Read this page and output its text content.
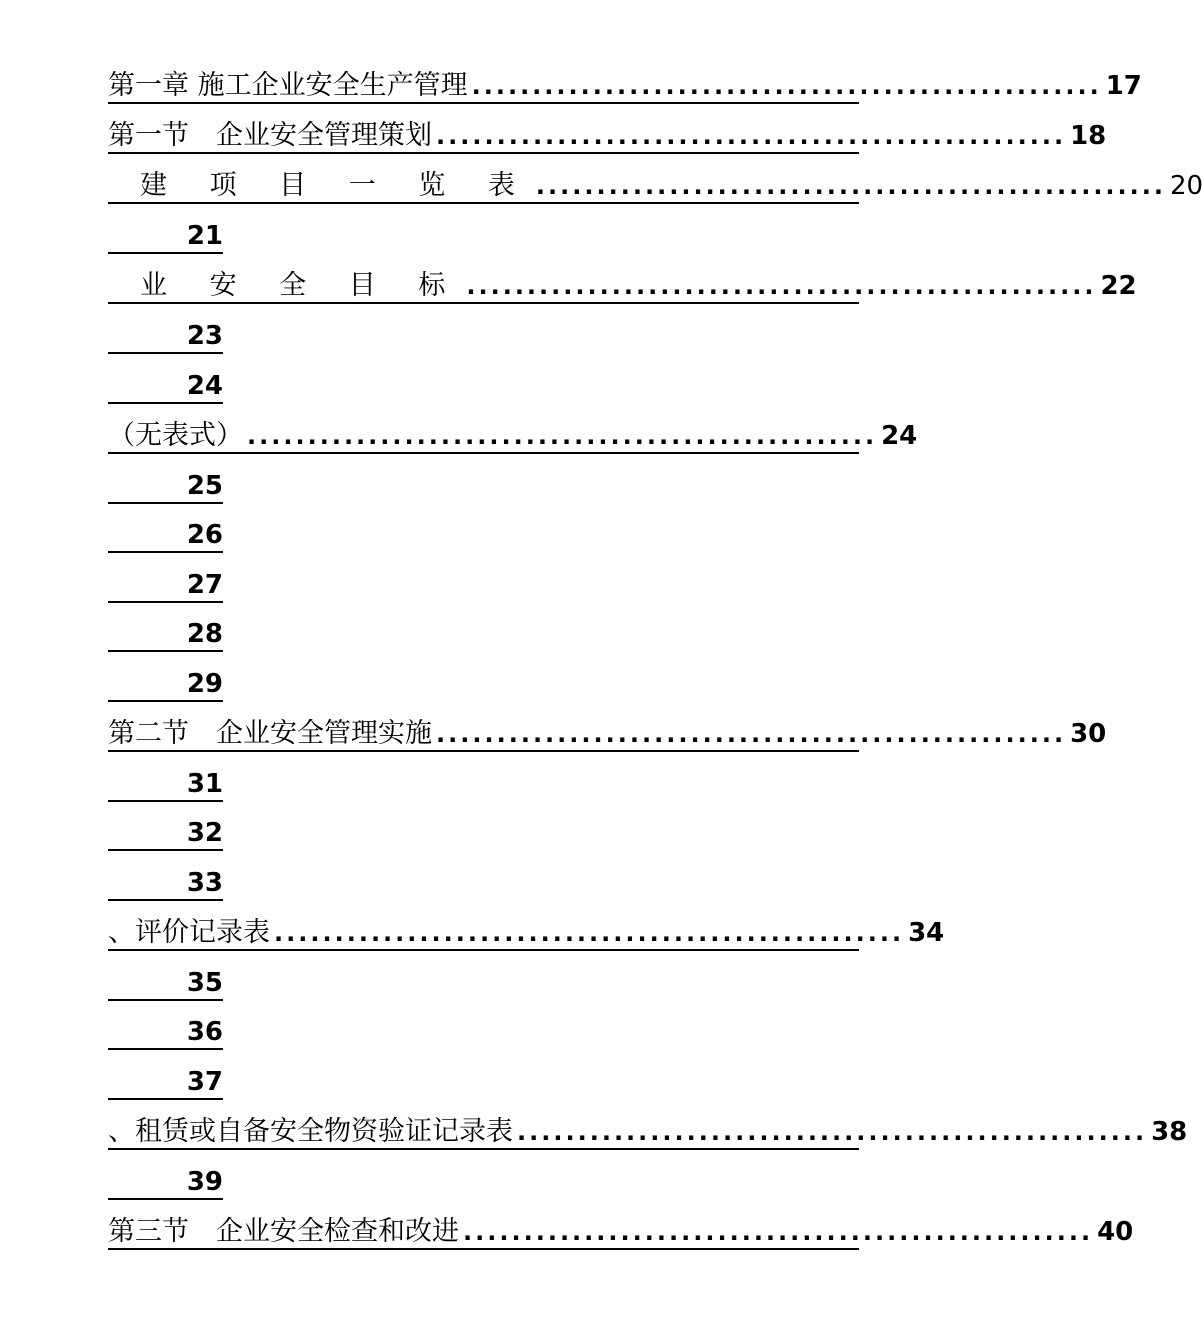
第一章 施工企业安全生产管理 .................................................... 17
第一节　企业安全管理策划 .................................................... 18
建 项 目 一 览 表 .................................................... 20
21
业 安 全 目 标 .................................................... 22
23
24
（无表式） .................................................... 24
25
26
27
28
29
第二节　企业安全管理实施 .................................................... 30
31
32
33
、评价记录表 .................................................... 34
35
36
37
、租赁或自备安全物资验证记录表 .................................................... 38
39
第三节　企业安全检查和改进 .................................................... 40
